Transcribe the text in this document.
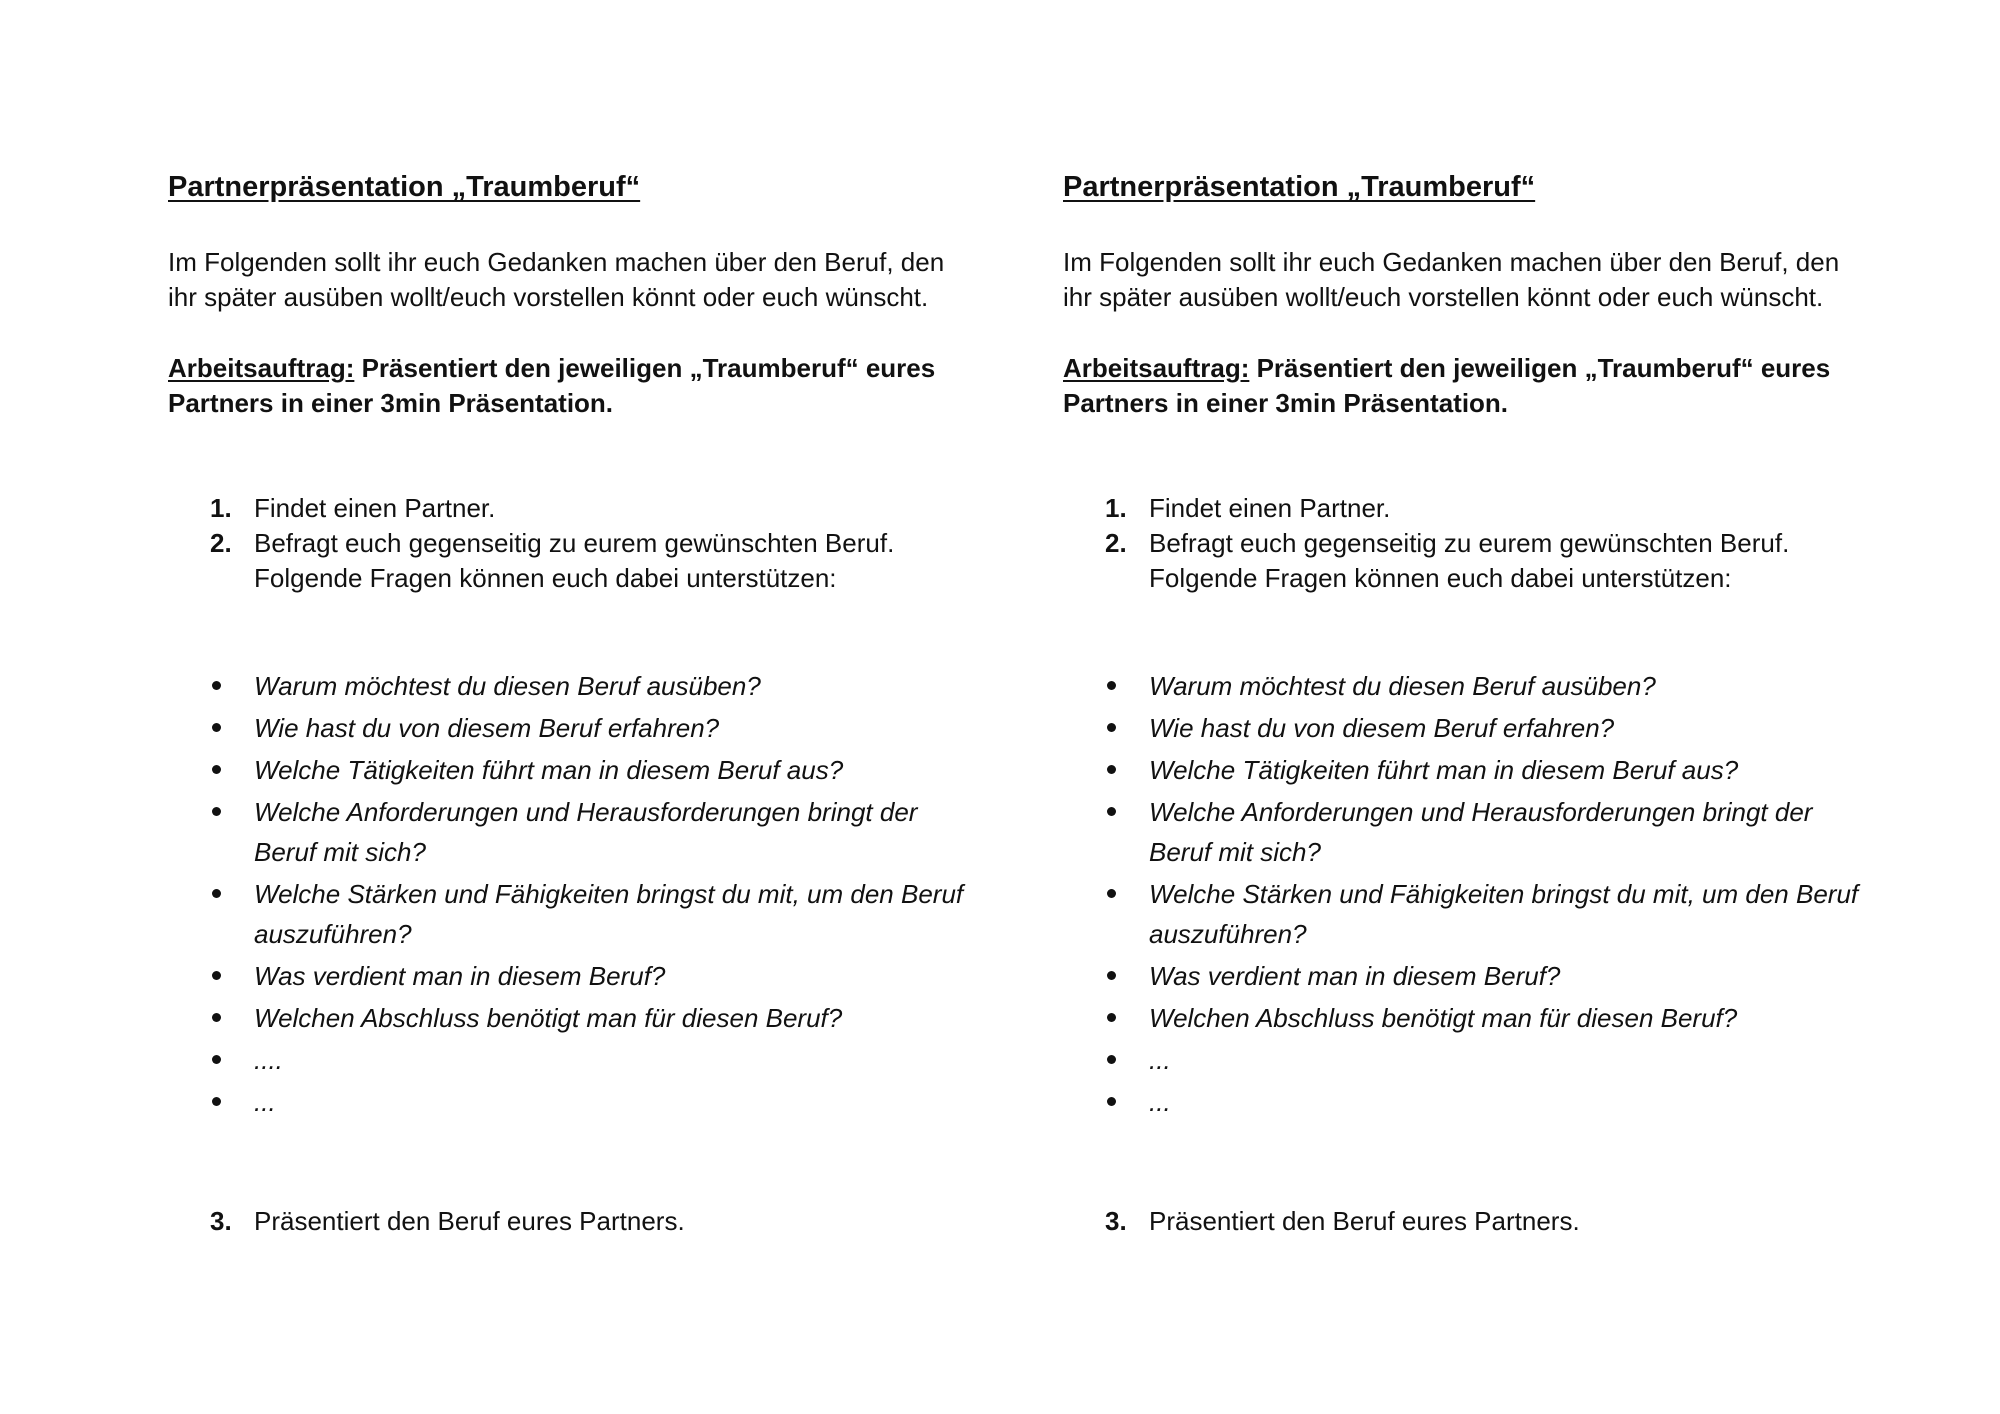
Partnerpräsentation „Traumberuf“

Im Folgenden sollt ihr euch Gedanken machen über den Beruf, den
ihr später ausüben wollt/euch vorstellen könnt oder euch wünscht.

Arbeitsauftrag: Präsentiert den jeweiligen „Traumberuf“ eures
Partners in einer 3min Präsentation.

1. Findet einen Partner.
2. Befragt euch gegenseitig zu eurem gewünschten Beruf.
Folgende Fragen können euch dabei unterstützen:
Warum möchtest du diesen Beruf ausüben?
Wie hast du von diesem Beruf erfahren?
Welche Tätigkeiten führt man in diesem Beruf aus?
Welche Anforderungen und Herausforderungen bringt der Beruf mit sich?
Welche Stärken und Fähigkeiten bringst du mit, um den Beruf auszuführen?
Was verdient man in diesem Beruf?
Welchen Abschluss benötigt man für diesen Beruf?
....
...
3. Präsentiert den Beruf eures Partners.
Partnerpräsentation „Traumberuf“

Im Folgenden sollt ihr euch Gedanken machen über den Beruf, den
ihr später ausüben wollt/euch vorstellen könnt oder euch wünscht.

Arbeitsauftrag: Präsentiert den jeweiligen „Traumberuf“ eures
Partners in einer 3min Präsentation.

1. Findet einen Partner.
2. Befragt euch gegenseitig zu eurem gewünschten Beruf.
Folgende Fragen können euch dabei unterstützen:
Warum möchtest du diesen Beruf ausüben?
Wie hast du von diesem Beruf erfahren?
Welche Tätigkeiten führt man in diesem Beruf aus?
Welche Anforderungen und Herausforderungen bringt der Beruf mit sich?
Welche Stärken und Fähigkeiten bringst du mit, um den Beruf auszuführen?
Was verdient man in diesem Beruf?
Welchen Abschluss benötigt man für diesen Beruf?
...
...
3. Präsentiert den Beruf eures Partners.
